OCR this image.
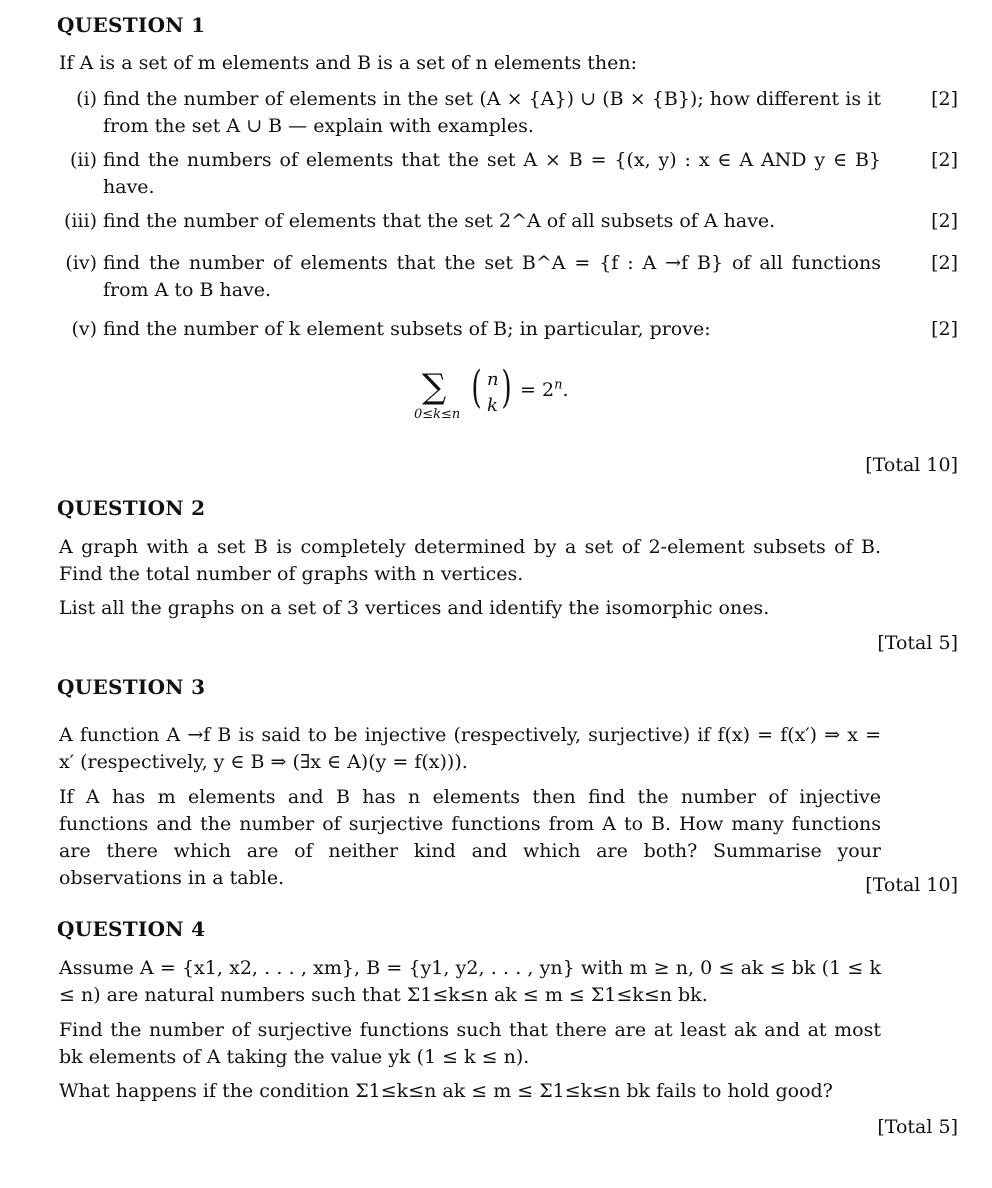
QUESTION 1
If A is a set of m elements and B is a set of n elements then:
(i) find the number of elements in the set (A × {A}) ∪ (B × {B}); how different is it from the set A ∪ B — explain with examples.
[2]
(ii) find the numbers of elements that the set A × B = {(x, y) : x ∈ A AND y ∈ B} have.
[2]
(iii) find the number of elements that the set 2^A of all subsets of A have.	[2]
(iv) find the number of elements that the set B^A = {f : A →f B} of all functions from A to B have.
[2]
(v) find the number of k element subsets of B; in particular, prove:	[2]
∑
0≤k≤n
( n
k ) = $2^n$.
[Total 10]
QUESTION 2
A graph with a set B is completely determined by a set of 2-element subsets of B. Find the total number of graphs with n vertices.
List all the graphs on a set of 3 vertices and identify the isomorphic ones.
[Total 5]
QUESTION 3
A function A →f B is said to be injective (respectively, surjective) if f(x) = f(x′) ⇒ x = x′ (respectively, y ∈ B ⇒ (∃x ∈ A)(y = f(x))).
If A has m elements and B has n elements then find the number of injective functions and the number of surjective functions from A to B. How many functions are there which are of neither kind and which are both? Summarise your observations in a table.	[Total 10]
QUESTION 4
Assume A = {x1, x2, . . . , xm}, B = {y1, y2, . . . , yn} with m ≥ n, 0 ≤ ak ≤ bk (1 ≤ k ≤ n) are natural numbers such that Σ1≤k≤n ak ≤ m ≤ Σ1≤k≤n bk.
Find the number of surjective functions such that there are at least ak and at most bk elements of A taking the value yk (1 ≤ k ≤ n).
What happens if the condition Σ1≤k≤n ak ≤ m ≤ Σ1≤k≤n bk fails to hold good?
[Total 5]
